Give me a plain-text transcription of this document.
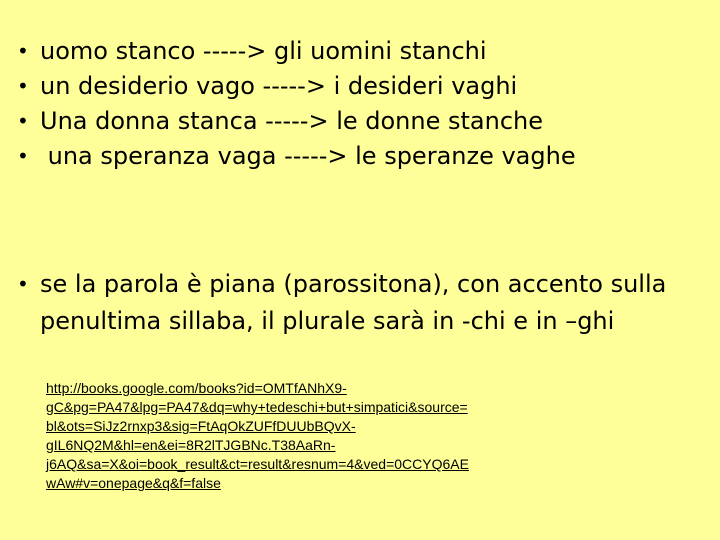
• uomo stanco -----> gli uomini stanchi
• un desiderio vago -----> i desideri vaghi
• Una donna stanca -----> le donne stanche
• una speranza vaga -----> le speranze vaghe
• se la parola è piana (parossitona), con accento sulla penultima sillaba, il plurale sarà in -chi e in –ghi
http://books.google.com/books?id=OMTfANhX9-
gC&pg=PA47&lpg=PA47&dq=why+tedeschi+but+simpatici&source=
bl&ots=SiJz2rnxp3&sig=FtAqOkZUFfDUUbBQvX-
gIL6NQ2M&hl=en&ei=8R2lTJGBNc.T38AaRn-
j6AQ&sa=X&oi=book_result&ct=result&resnum=4&ved=0CCYQ6AE
wAw#v=onepage&q&f=false
